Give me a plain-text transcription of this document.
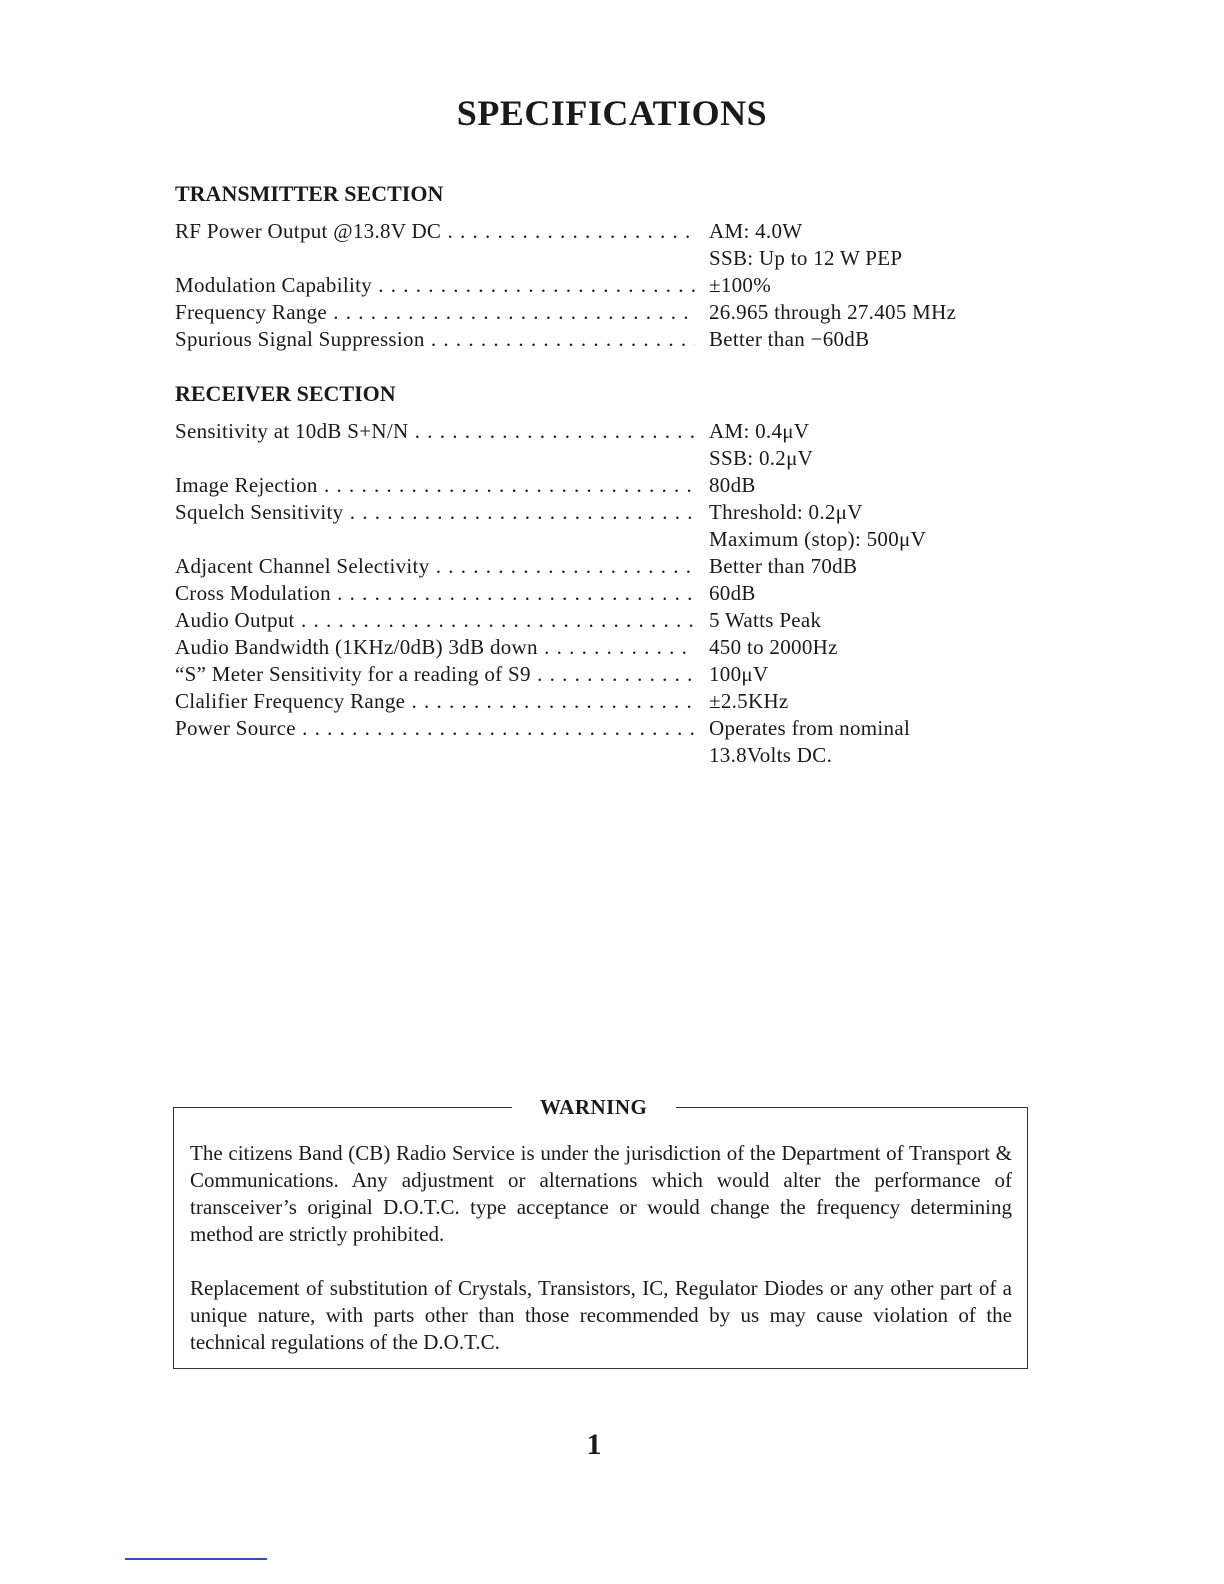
SPECIFICATIONS
TRANSMITTER SECTION
RF Power Output @13.8V DC . . .	AM: 4.0W
SSB: Up to 12 W PEP
Modulation Capability . . .	±100%
Frequency Range . . .	26.965 through 27.405 MHz
Spurious Signal Suppression . . .	Better than −60dB
RECEIVER SECTION
Sensitivity at 10dB S+N/N . . .	AM: 0.4μV
SSB: 0.2μV
Image Rejection . . .	80dB
Squelch Sensitivity . . .	Threshold: 0.2μV
Maximum (stop): 500μV
Adjacent Channel Selectivity . . .	Better than 70dB
Cross Modulation . . .	60dB
Audio Output . . .	5 Watts Peak
Audio Bandwidth (1KHz/0dB) 3dB down . . .	450 to 2000Hz
“S” Meter Sensitivity for a reading of S9 . . .	100μV
Clalifier Frequency Range . . .	±2.5KHz
Power Source . . .	Operates from nominal
13.8Volts DC.
WARNING

The citizens Band (CB) Radio Service is under the jurisdiction of the Department of Transport & Communications. Any adjustment or alternations which would alter the performance of transceiver’s original D.O.T.C. type acceptance or would change the frequency determining method are strictly prohibited.

Replacement of substitution of Crystals, Transistors, IC, Regulator Diodes or any other part of a unique nature, with parts other than those recommended by us may cause violation of the technical regulations of the D.O.T.C.

1
